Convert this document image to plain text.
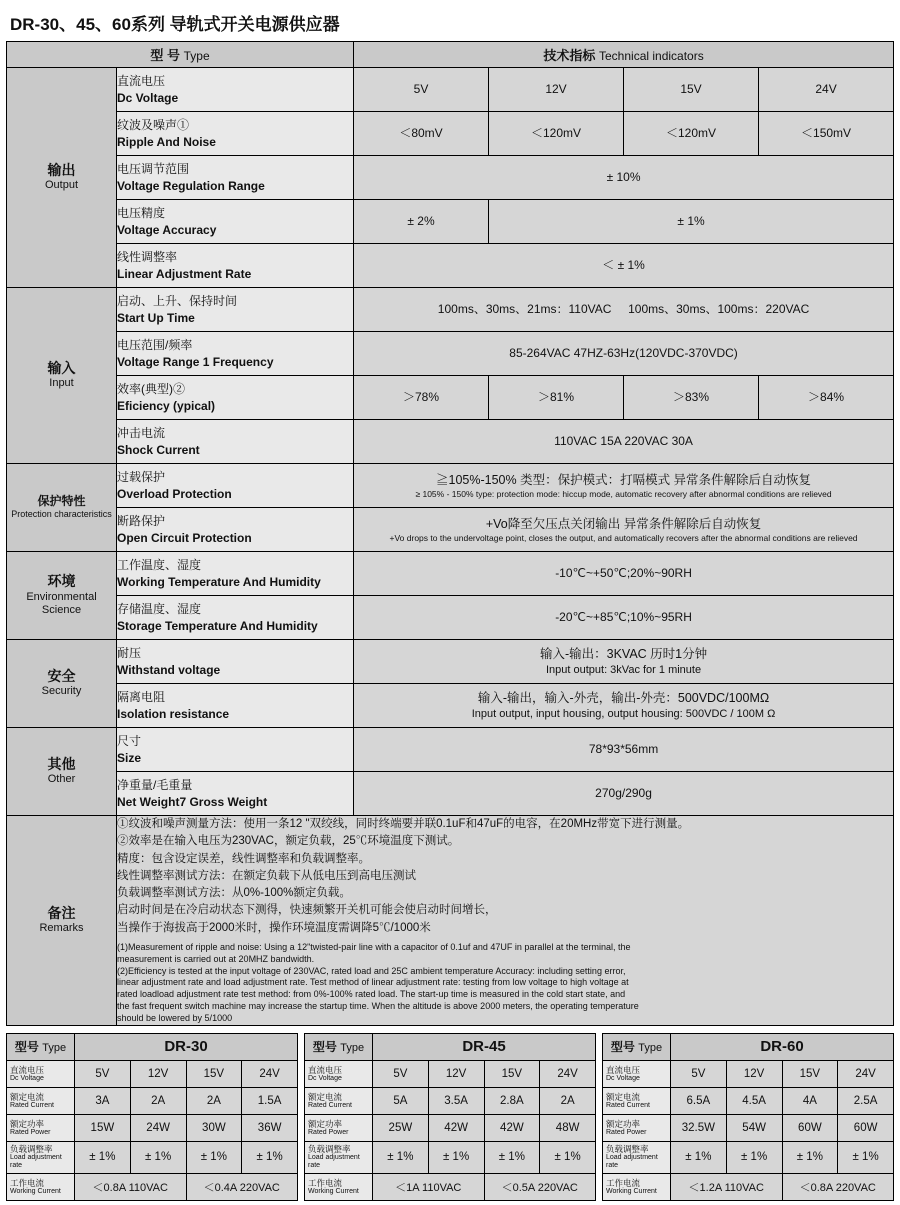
DR-30、45、60系列 导轨式开关电源供应器
型 号 Type		技术指标 Technical indicators			

输出
Output	直流电压
Dc Voltage	5V	12V	15V	24V

	纹波及噪声①
Ripple And Noise	＜80mV	＜120mV	＜120mV	＜150mV

	电压调节范围
Voltage Regulation Range	± 10%			

	电压精度
Voltage Accuracy	± 2%	± 1%		

	线性调整率
Linear Adjustment Rate	＜ ± 1%			

输入
Input	启动、上升、保持时间
Start Up Time	100ms、30ms、21ms：110VAC 100ms、30ms、100ms：220VAC			

	电压范围/频率
Voltage Range 1 Frequency	85-264VAC 47HZ-63Hz(120VDC-370VDC)			

	效率(典型)②
Eficiency (ypical)	＞78%	＞81%	＞83%	＞84%

	冲击电流
Shock Current	110VAC 15A 220VAC 30A			

保护特性
Protection characteristics	过载保护
Overload Protection	≧105%-150% 类型：保护模式：打嗝模式 异常条件解除后自动恢复
≥ 105% - 150% type: protection mode: hiccup mode, automatic recovery after abnormal conditions are relieved			

	断路保护
Open Circuit Protection	+Vo降至欠压点关闭输出 异常条件解除后自动恢复
+Vo drops to the undervoltage point, closes the output, and automatically recovers after the abnormal conditions are relieved			

环境
Environmental Science	工作温度、湿度
Working Temperature And Humidity	-10℃~+50℃;20%~90RH			

	存储温度、湿度
Storage Temperature And Humidity	-20℃~+85℃;10%~95RH			

安全
Security	耐压
Withstand voltage	输入-输出：3KVAC 历时1分钟
Input output: 3kVac for 1 minute			

	隔离电阻
Isolation resistance	输入-输出，输入-外壳，输出-外壳：500VDC/100MΩ
Input output, input housing, output housing: 500VDC / 100M Ω			

其他
Other	尺寸
Size	78*93*56mm			

	净重量/毛重量
Net Weight7 Gross Weight	270g/290g			

备注
Remarks

①纹波和噪声测量方法：使用一条12 "双绞线，同时终端要并联0.1uF和47uF的电容，在20MHz带宽下进行测量。

②效率是在输入电压为230VAC，额定负载，25℃环境温度下测试。

精度：包含设定误差，线性调整率和负载调整率。

线性调整率测试方法：在额定负载下从低电压到高电压测试

负载调整率测试方法：从0%-100%额定负载。

启动时间是在冷启动状态下测得，快速频繁开关机可能会使启动时间增长，

当操作于海拔高于2000米时，操作环境温度需调降5℃/1000米

(1)Measurement of ripple and noise: Using a 12"twisted-pair line with a capacitor of 0.1uf and 47UF in parallel at the terminal, the

measurement is carried out at 20MHZ bandwidth.

(2)Efficiency is tested at the input voltage of 230VAC, rated load and 25C ambient temperature Accuracy: including setting error,

linear adjustment rate and load adjustment rate. Test method of linear adjustment rate: testing from low voltage to high voltage at

rated loadload adjustment rate test method: from 0%-100% rated load. The start-up time is measured in the cold start state, and

the fast frequent switch machine may increase the startup time. When the altitude is above 2000 meters, the operating temperature

should be lowered by 5/1000

型号 Type	DR-30			

直流电压
Dc Voltage	5V	12V	15V	24V

额定电流
Rated Current	3A	2A	2A	1.5A

额定功率
Rated Power	15W	24W	30W	36W

负载调整率
Load adjustment rate	± 1%	± 1%	± 1%	± 1%

工作电流
Working Current	＜0.8A 110VAC		＜0.4A 220VAC	
型号 Type	DR-45			

直流电压
Dc Voltage	5V	12V	15V	24V

额定电流
Rated Current	5A	3.5A	2.8A	2A

额定功率
Rated Power	25W	42W	42W	48W

负载调整率
Load adjustment rate	± 1%	± 1%	± 1%	± 1%

工作电流
Working Current	＜1A 110VAC		＜0.5A 220VAC	
型号 Type	DR-60			

直流电压
Dc Voltage	5V	12V	15V	24V

额定电流
Rated Current	6.5A	4.5A	4A	2.5A

额定功率
Rated Power	32.5W	54W	60W	60W

负载调整率
Load adjustment rate	± 1%	± 1%	± 1%	± 1%

工作电流
Working Current	＜1.2A 110VAC		＜0.8A 220VAC	
